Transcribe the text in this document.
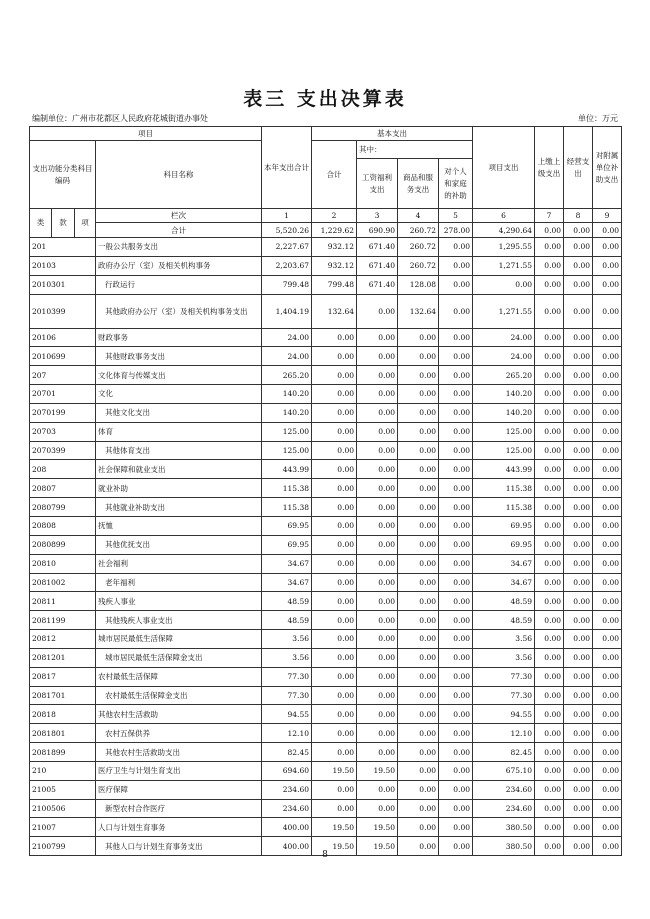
表三 支出决算表
编制单位：广州市花都区人民政府花城街道办事处	单位：万元
项目				本年支出合计	基本支出				项目支出	上缴上级支出	经营支出	对附属单位补助支出
支出功能分类科目编码			科目名称		合计	其中：						
						工资福利支出	商品和服务支出	对个人和家庭的补助				
类	款	项	栏次	1	2	3	4	5	6	7	8	9
			合计	5,520.26	1,229.62	690.90	260.72	278.00	4,290.64	0.00	0.00	0.00
201			一般公共服务支出	2,227.67	932.12	671.40	260.72	0.00	1,295.55	0.00	0.00	0.00
20103			政府办公厅（室）及相关机构事务	2,203.67	932.12	671.40	260.72	0.00	1,271.55	0.00	0.00	0.00
2010301			行政运行	799.48	799.48	671.40	128.08	0.00	0.00	0.00	0.00	0.00
2010399			其他政府办公厅（室）及相关机构事务支出	1,404.19	132.64	0.00	132.64	0.00	1,271.55	0.00	0.00	0.00
20106			财政事务	24.00	0.00	0.00	0.00	0.00	24.00	0.00	0.00	0.00
2010699			其他财政事务支出	24.00	0.00	0.00	0.00	0.00	24.00	0.00	0.00	0.00
207			文化体育与传媒支出	265.20	0.00	0.00	0.00	0.00	265.20	0.00	0.00	0.00
20701			文化	140.20	0.00	0.00	0.00	0.00	140.20	0.00	0.00	0.00
2070199			其他文化支出	140.20	0.00	0.00	0.00	0.00	140.20	0.00	0.00	0.00
20703			体育	125.00	0.00	0.00	0.00	0.00	125.00	0.00	0.00	0.00
2070399			其他体育支出	125.00	0.00	0.00	0.00	0.00	125.00	0.00	0.00	0.00
208			社会保障和就业支出	443.99	0.00	0.00	0.00	0.00	443.99	0.00	0.00	0.00
20807			就业补助	115.38	0.00	0.00	0.00	0.00	115.38	0.00	0.00	0.00
2080799			其他就业补助支出	115.38	0.00	0.00	0.00	0.00	115.38	0.00	0.00	0.00
20808			抚恤	69.95	0.00	0.00	0.00	0.00	69.95	0.00	0.00	0.00
2080899			其他优抚支出	69.95	0.00	0.00	0.00	0.00	69.95	0.00	0.00	0.00
20810			社会福利	34.67	0.00	0.00	0.00	0.00	34.67	0.00	0.00	0.00
2081002			老年福利	34.67	0.00	0.00	0.00	0.00	34.67	0.00	0.00	0.00
20811			残疾人事业	48.59	0.00	0.00	0.00	0.00	48.59	0.00	0.00	0.00
2081199			其他残疾人事业支出	48.59	0.00	0.00	0.00	0.00	48.59	0.00	0.00	0.00
20812			城市居民最低生活保障	3.56	0.00	0.00	0.00	0.00	3.56	0.00	0.00	0.00
2081201			城市居民最低生活保障金支出	3.56	0.00	0.00	0.00	0.00	3.56	0.00	0.00	0.00
20817			农村最低生活保障	77.30	0.00	0.00	0.00	0.00	77.30	0.00	0.00	0.00
2081701			农村最低生活保障金支出	77.30	0.00	0.00	0.00	0.00	77.30	0.00	0.00	0.00
20818			其他农村生活救助	94.55	0.00	0.00	0.00	0.00	94.55	0.00	0.00	0.00
2081801			农村五保供养	12.10	0.00	0.00	0.00	0.00	12.10	0.00	0.00	0.00
2081899			其他农村生活救助支出	82.45	0.00	0.00	0.00	0.00	82.45	0.00	0.00	0.00
210			医疗卫生与计划生育支出	694.60	19.50	19.50	0.00	0.00	675.10	0.00	0.00	0.00
21005			医疗保障	234.60	0.00	0.00	0.00	0.00	234.60	0.00	0.00	0.00
2100506			新型农村合作医疗	234.60	0.00	0.00	0.00	0.00	234.60	0.00	0.00	0.00
21007			人口与计划生育事务	400.00	19.50	19.50	0.00	0.00	380.50	0.00	0.00	0.00
2100799			其他人口与计划生育事务支出	400.00	19.50	19.50	0.00	0.00	380.50	0.00	0.00	0.00
8
